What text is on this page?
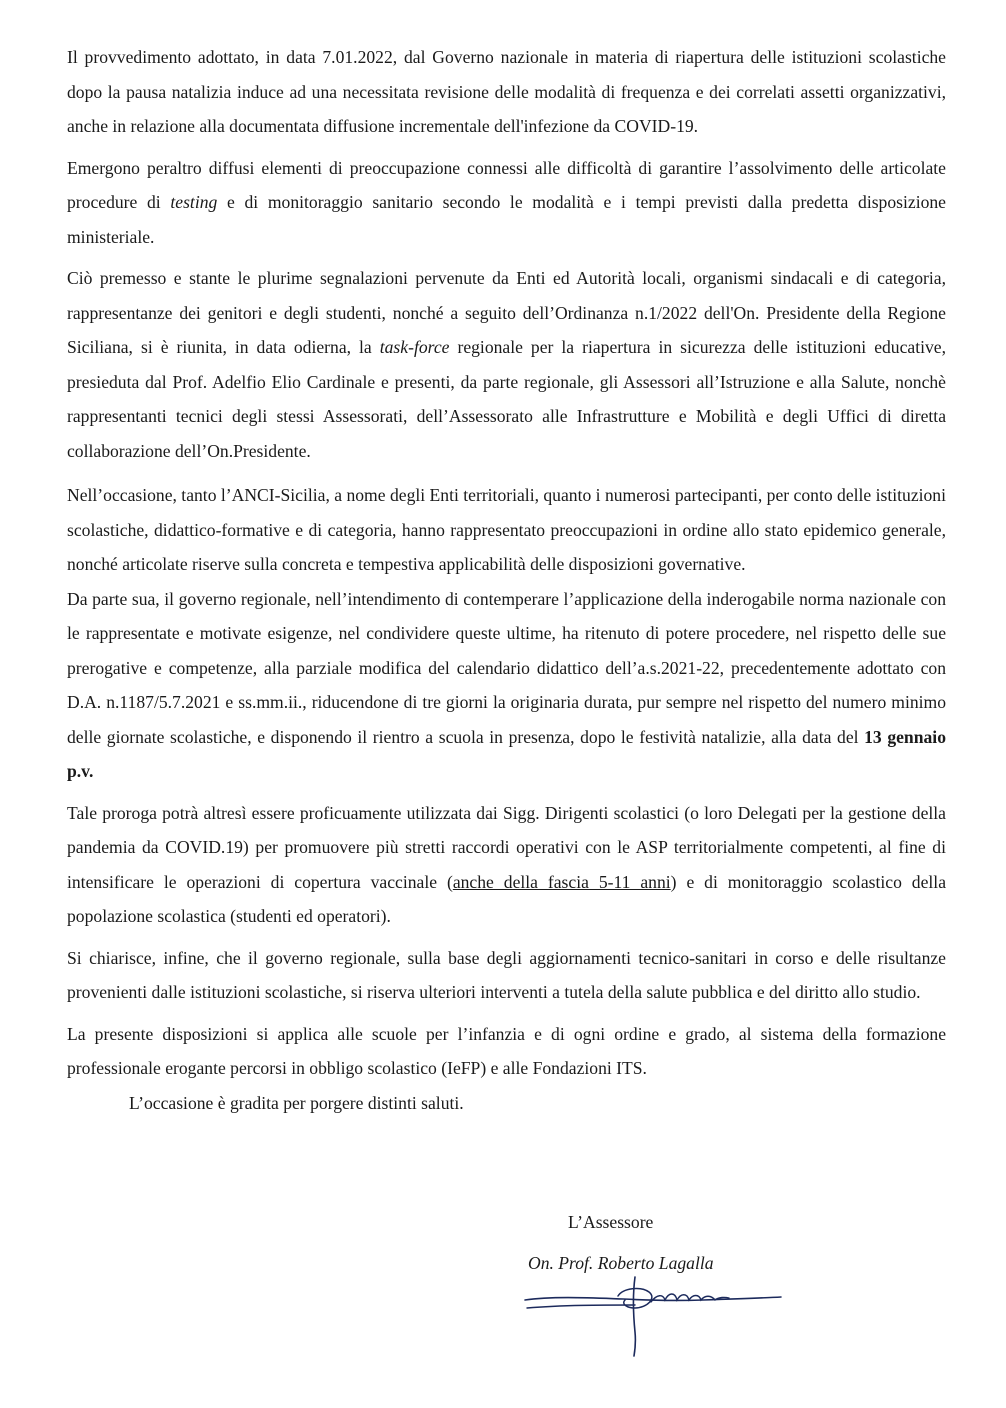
Il provvedimento adottato, in data 7.01.2022, dal Governo nazionale in materia di riapertura delle istituzioni scolastiche dopo la pausa natalizia induce ad una necessitata revisione delle modalità di frequenza e dei correlati assetti organizzativi, anche in relazione alla documentata diffusione incrementale dell'infezione da COVID-19.

Emergono peraltro diffusi elementi di preoccupazione connessi alle difficoltà di garantire l’assolvimento delle articolate procedure di testing e di monitoraggio sanitario secondo le modalità e i tempi previsti dalla predetta disposizione ministeriale.

Ciò premesso e stante le plurime segnalazioni pervenute da Enti ed Autorità locali, organismi sindacali e di categoria, rappresentanze dei genitori e degli studenti, nonché a seguito dell’Ordinanza n.1/2022 dell'On. Presidente della Regione Siciliana, si è riunita, in data odierna, la task-force regionale per la riapertura in sicurezza delle istituzioni educative, presieduta dal Prof. Adelfio Elio Cardinale e presenti, da parte regionale, gli Assessori all’Istruzione e alla Salute, nonchè rappresentanti tecnici degli stessi Assessorati, dell’Assessorato alle Infrastrutture e Mobilità e degli Uffici di diretta collaborazione dell’On.Presidente.

Nell’occasione, tanto l’ANCI-Sicilia, a nome degli Enti territoriali, quanto i numerosi partecipanti, per conto delle istituzioni scolastiche, didattico-formative e di categoria, hanno rappresentato preoccupazioni in ordine allo stato epidemico generale, nonché articolate riserve sulla concreta e tempestiva applicabilità delle disposizioni governative.

Da parte sua, il governo regionale, nell’intendimento di contemperare l’applicazione della inderogabile norma nazionale con le rappresentate e motivate esigenze, nel condividere queste ultime, ha ritenuto di potere procedere, nel rispetto delle sue prerogative e competenze, alla parziale modifica del calendario didattico dell’a.s.2021-22, precedentemente adottato con D.A. n.1187/5.7.2021 e ss.mm.ii., riducendone di tre giorni la originaria durata, pur sempre nel rispetto del numero minimo delle giornate scolastiche, e disponendo il rientro a scuola in presenza, dopo le festività natalizie, alla data del 13 gennaio p.v.

Tale proroga potrà altresì essere proficuamente utilizzata dai Sigg. Dirigenti scolastici (o loro Delegati per la gestione della pandemia da COVID.19) per promuovere più stretti raccordi operativi con le ASP territorialmente competenti, al fine di intensificare le operazioni di copertura vaccinale (anche della fascia 5-11 anni) e di monitoraggio scolastico della popolazione scolastica (studenti ed operatori).

Si chiarisce, infine, che il governo regionale, sulla base degli aggiornamenti tecnico-sanitari in corso e delle risultanze provenienti dalle istituzioni scolastiche, si riserva ulteriori interventi a tutela della salute pubblica e del diritto allo studio.

La presente disposizioni si applica alle scuole per l’infanzia e di ogni ordine e grado, al sistema della formazione professionale erogante percorsi in obbligo scolastico (IeFP) e alle Fondazioni ITS.

L’occasione è gradita per porgere distinti saluti.

L’Assessore
On. Prof. Roberto Lagalla
